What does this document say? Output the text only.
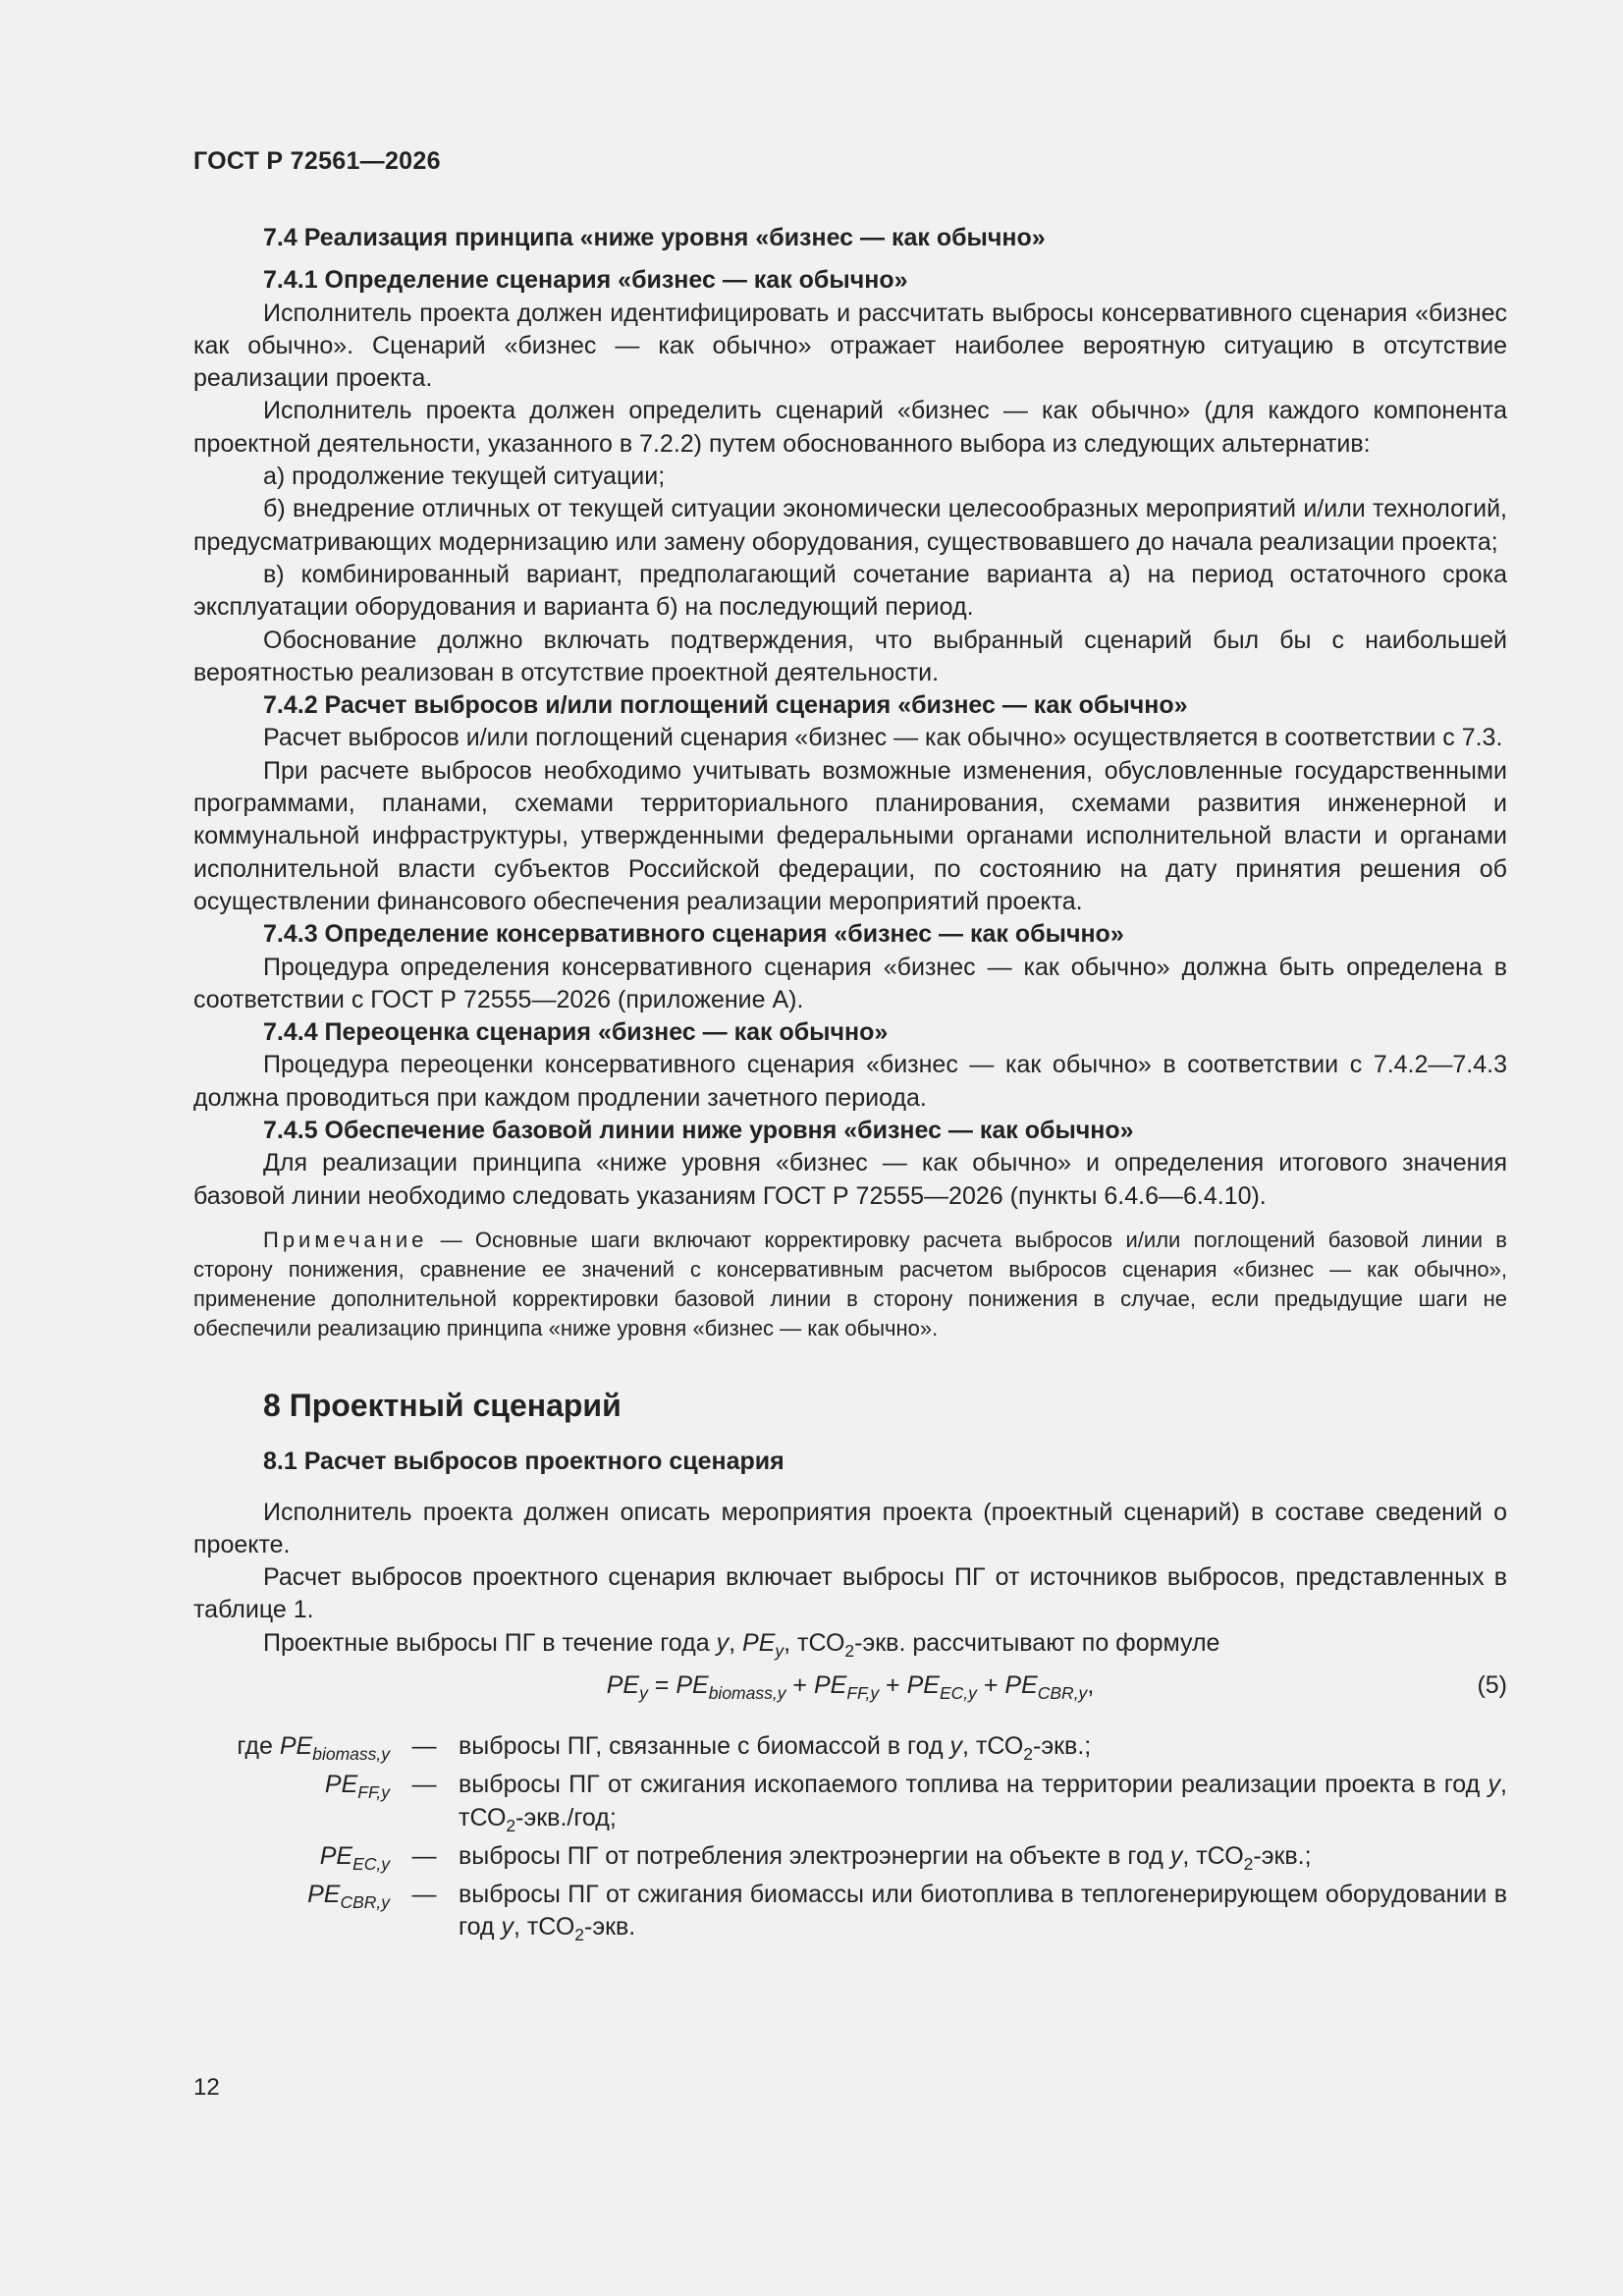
ГОСТ Р 72561—2026

7.4 Реализация принципа «ниже уровня «бизнес — как обычно»

7.4.1 Определение сценария «бизнес — как обычно»

Исполнитель проекта должен идентифицировать и рассчитать выбросы консервативного сценария «бизнес как обычно». Сценарий «бизнес — как обычно» отражает наиболее вероятную ситуацию в отсутствие реализации проекта.

Исполнитель проекта должен определить сценарий «бизнес — как обычно» (для каждого компонента проектной деятельности, указанного в 7.2.2) путем обоснованного выбора из следующих альтернатив:

а) продолжение текущей ситуации;

б) внедрение отличных от текущей ситуации экономически целесообразных мероприятий и/или технологий, предусматривающих модернизацию или замену оборудования, существовавшего до начала реализации проекта;

в) комбинированный вариант, предполагающий сочетание варианта а) на период остаточного срока эксплуатации оборудования и варианта б) на последующий период.

Обоснование должно включать подтверждения, что выбранный сценарий был бы с наибольшей вероятностью реализован в отсутствие проектной деятельности.

7.4.2 Расчет выбросов и/или поглощений сценария «бизнес — как обычно»

Расчет выбросов и/или поглощений сценария «бизнес — как обычно» осуществляется в соответствии с 7.3.

При расчете выбросов необходимо учитывать возможные изменения, обусловленные государственными программами, планами, схемами территориального планирования, схемами развития инженерной и коммунальной инфраструктуры, утвержденными федеральными органами исполнительной власти и органами исполнительной власти субъектов Российской федерации, по состоянию на дату принятия решения об осуществлении финансового обеспечения реализации мероприятий проекта.

7.4.3 Определение консервативного сценария «бизнес — как обычно»

Процедура определения консервативного сценария «бизнес — как обычно» должна быть определена в соответствии с ГОСТ Р 72555—2026 (приложение А).

7.4.4 Переоценка сценария «бизнес — как обычно»

Процедура переоценки консервативного сценария «бизнес — как обычно» в соответствии с 7.4.2—7.4.3 должна проводиться при каждом продлении зачетного периода.

7.4.5 Обеспечение базовой линии ниже уровня «бизнес — как обычно»

Для реализации принципа «ниже уровня «бизнес — как обычно» и определения итогового значения базовой линии необходимо следовать указаниям ГОСТ Р 72555—2026 (пункты 6.4.6—6.4.10).

Примечание — Основные шаги включают корректировку расчета выбросов и/или поглощений базовой линии в сторону понижения, сравнение ее значений с консервативным расчетом выбросов сценария «бизнес — как обычно», применение дополнительной корректировки базовой линии в сторону понижения в случае, если предыдущие шаги не обеспечили реализацию принципа «ниже уровня «бизнес — как обычно».

8 Проектный сценарий

8.1 Расчет выбросов проектного сценария

Исполнитель проекта должен описать мероприятия проекта (проектный сценарий) в составе сведений о проекте.

Расчет выбросов проектного сценария включает выбросы ПГ от источников выбросов, представленных в таблице 1.

Проектные выбросы ПГ в течение года y, $PE_y$, тСО$_2$-экв. рассчитывают по формуле

$PE_y = PE_{biomass,y} + PE_{FF,y} + PE_{EC,y} + PE_{CBR,y}$,	(5)
где $PE_{biomass,y}$	—	выбросы ПГ, связанные с биомассой в год y, тСО$_2$-экв.;
$PE_{FF,y}$	—	выбросы ПГ от сжигания ископаемого топлива на территории реализации проекта в год y, тСО$_2$-экв./год;
$PE_{EC,y}$	—	выбросы ПГ от потребления электроэнергии на объекте в год y, тСО$_2$-экв.;
$PE_{CBR,y}$	—	выбросы ПГ от сжигания биомассы или биотоплива в теплогенерирующем оборудовании в год y, тСО$_2$-экв.
12
